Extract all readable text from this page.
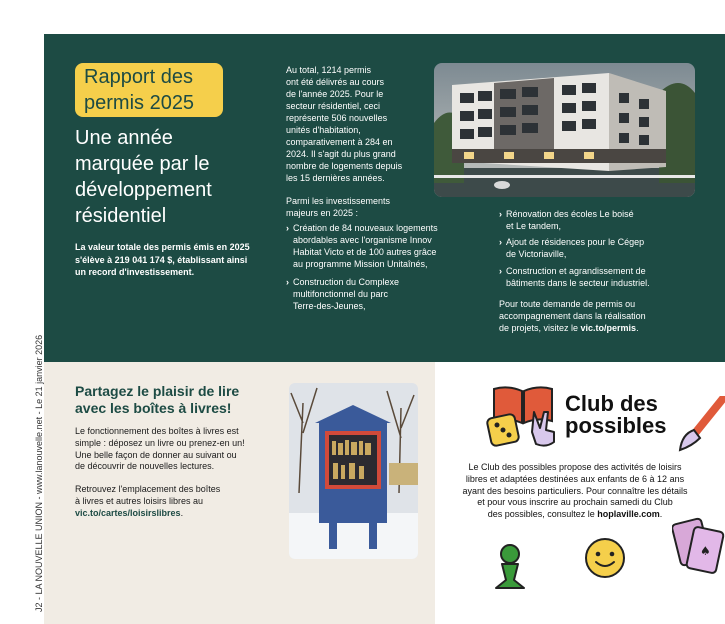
J2 - LA NOUVELLE UNION - www.lanouvelle.net - Le 21 janvier 2026
Rapport des
permis 2025
Une année
marquée par le
développement
résidentiel
La valeur totale des permis émis en 2025
s'élève à 219 041 174 $, établissant ainsi
un record d'investissement.
Au total, 1214 permis
ont été délivrés au cours
de l'année 2025. Pour le
secteur résidentiel, ceci
représente 506 nouvelles
unités d'habitation,
comparativement à 284 en
2024. Il s'agit du plus grand
nombre de logements depuis
les 15 dernières années.
Parmi les investissements
majeurs en 2025 :
› Création de 84 nouveaux logements
abordables avec l'organisme Innov
Habitat Victo et de 100 autres grâce
au programme Mission Unitaînés,
› Construction du Complexe
multifonctionnel du parc
Terre-des-Jeunes,
› Rénovation des écoles Le boisé
et Le tandem,
› Ajout de résidences pour le Cégep
de Victoriaville,
› Construction et agrandissement de
bâtiments dans le secteur industriel.
Pour toute demande de permis ou
accompagnement dans la réalisation
de projets, visitez le vic.to/permis.
Partagez le plaisir de lire
avec les boîtes à livres!
Le fonctionnement des boîtes à livres est
simple : déposez un livre ou prenez-en un!
Une belle façon de donner au suivant ou
de découvrir de nouvelles lectures.
Retrouvez l'emplacement des boîtes
à livres et autres loisirs libres au
vic.to/cartes/loisirslibres.
Club des
possibles
Le Club des possibles propose des activités de loisirs
libres et adaptées destinées aux enfants de 6 à 12 ans
ayant des besoins particuliers. Pour connaître les détails
et pour vous inscrire au prochain samedi du Club
des possibles, consultez le hoplaville.com.
♠
